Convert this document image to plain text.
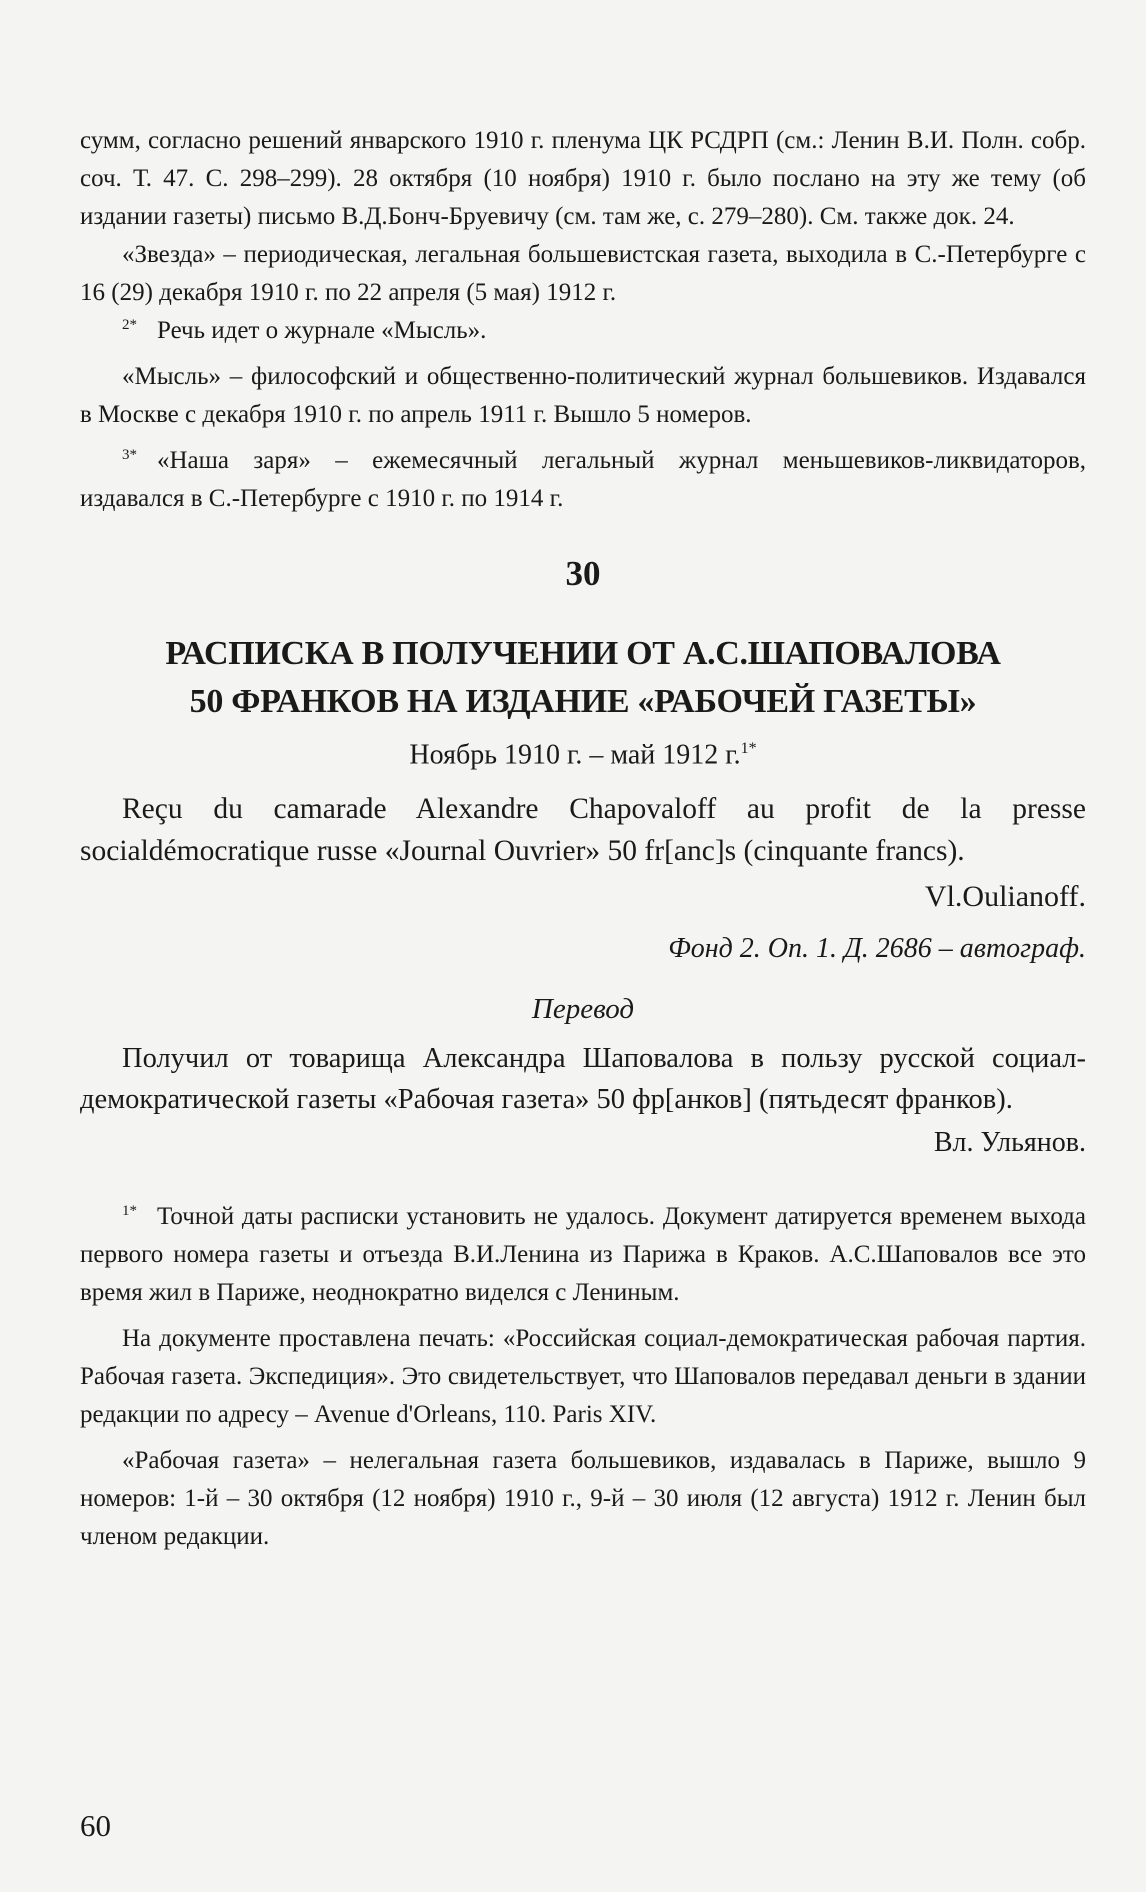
сумм, согласно решений январского 1910 г. пленума ЦК РСДРП (см.: Ленин В.И. Полн. собр. соч. Т. 47. С. 298–299). 28 октября (10 ноября) 1910 г. было послано на эту же тему (об издании газеты) письмо В.Д.Бонч-Бруевичу (см. там же, с. 279–280). См. также док. 24.

«Звезда» – периодическая, легальная большевистская газета, выходила в С.-Петербурге с 16 (29) декабря 1910 г. по 22 апреля (5 мая) 1912 г.

$^{2*}$ Речь идет о журнале «Мысль».

«Мысль» – философский и общественно-политический журнал большевиков. Издавался в Москве с декабря 1910 г. по апрель 1911 г. Вышло 5 номеров.

$^{3*}$ «Наша заря» – ежемесячный легальный журнал меньшевиков-ликвидаторов, издавался в С.-Петербурге с 1910 г. по 1914 г.

30

РАСПИСКА В ПОЛУЧЕНИИ ОТ А.С.ШАПОВАЛОВА

50 ФРАНКОВ НА ИЗДАНИЕ «РАБОЧЕЙ ГАЗЕТЫ»

Ноябрь 1910 г. – май 1912 г.$^{1*}$

Reçu du camarade Alexandre Chapovaloff au profit de la presse socialdémocratique russe «Journal Ouvrier» 50 fr[anc]s (cinquante francs).

Vl.Oulianoff.

Фонд 2. Оп. 1. Д. 2686 – автограф.

Перевод

Получил от товарища Александра Шаповалова в пользу русской социал-демократической газеты «Рабочая газета» 50 фр[анков] (пятьдесят франков).

Вл. Ульянов.

$^{1*}$ Точной даты расписки установить не удалось. Документ датируется временем выхода первого номера газеты и отъезда В.И.Ленина из Парижа в Краков. А.С.Шаповалов все это время жил в Париже, неоднократно виделся с Лениным.

На документе проставлена печать: «Российская социал-демократическая рабочая партия. Рабочая газета. Экспедиция». Это свидетельствует, что Шаповалов передавал деньги в здании редакции по адресу – Avenue d'Orleans, 110. Paris XIV.

«Рабочая газета» – нелегальная газета большевиков, издавалась в Париже, вышло 9 номеров: 1-й – 30 октября (12 ноября) 1910 г., 9-й – 30 июля (12 августа) 1912 г. Ленин был членом редакции.

60
